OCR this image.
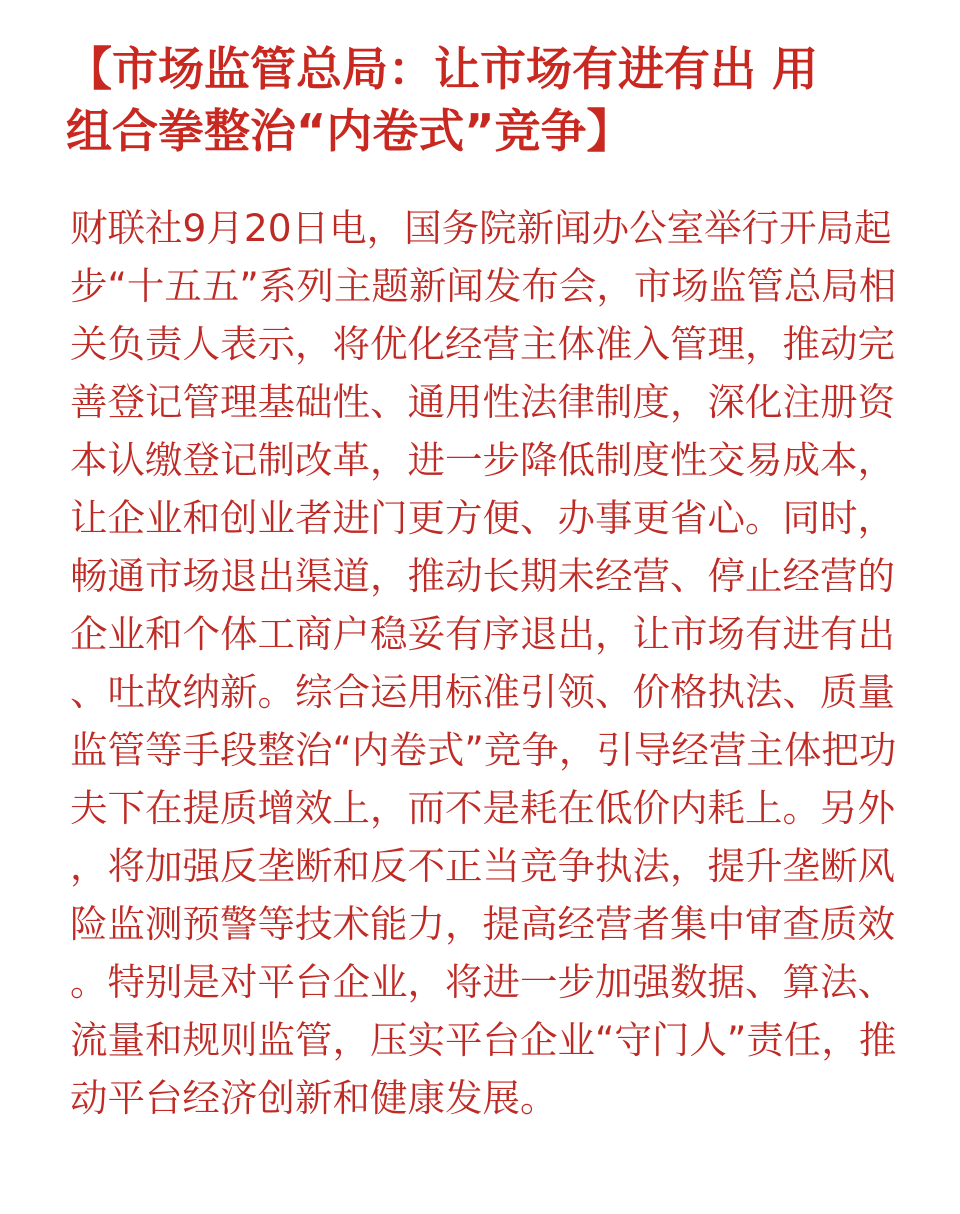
【市场监管总局：让市场有进有出 用
组合拳整治“内卷式”竞争】
财联社9月20日电，国务院新闻办公室举行开局起
步“十五五”系列主题新闻发布会，市场监管总局相
关负责人表示，将优化经营主体准入管理，推动完
善登记管理基础性、通用性法律制度，深化注册资
本认缴登记制改革，进一步降低制度性交易成本，
让企业和创业者进门更方便、办事更省心。同时，
畅通市场退出渠道，推动长期未经营、停止经营的
企业和个体工商户稳妥有序退出，让市场有进有出
、吐故纳新。综合运用标准引领、价格执法、质量
监管等手段整治“内卷式”竞争，引导经营主体把功
夫下在提质增效上，而不是耗在低价内耗上。另外
，将加强反垄断和反不正当竞争执法，提升垄断风
险监测预警等技术能力，提高经营者集中审查质效
。特别是对平台企业，将进一步加强数据、算法、
流量和规则监管，压实平台企业“守门人”责任，推
动平台经济创新和健康发展。
